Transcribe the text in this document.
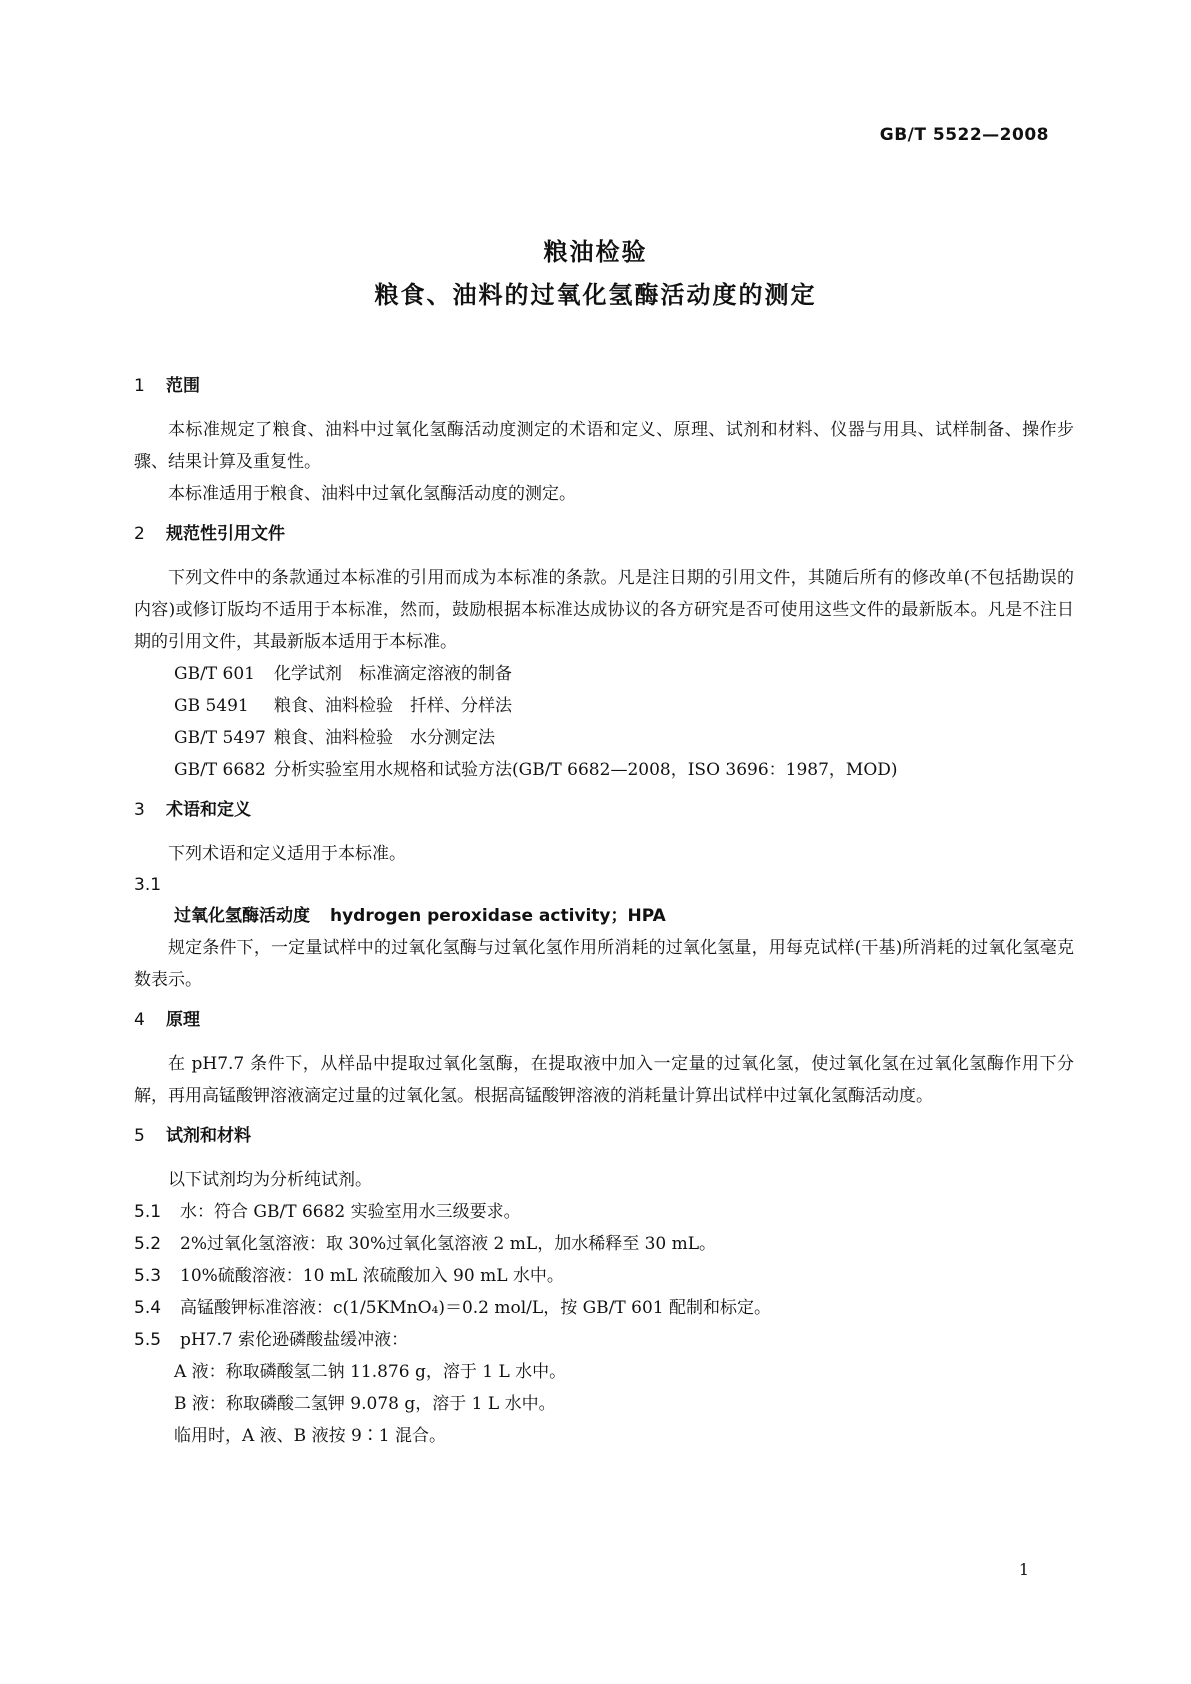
GB/T 5522—2008
粮油检验
粮食、油料的过氧化氢酶活动度的测定

1 范围

本标准规定了粮食、油料中过氧化氢酶活动度测定的术语和定义、原理、试剂和材料、仪器与用具、试样制备、操作步骤、结果计算及重复性。

本标准适用于粮食、油料中过氧化氢酶活动度的测定。

2 规范性引用文件

下列文件中的条款通过本标准的引用而成为本标准的条款。凡是注日期的引用文件，其随后所有的修改单(不包括勘误的内容)或修订版均不适用于本标准，然而，鼓励根据本标准达成协议的各方研究是否可使用这些文件的最新版本。凡是不注日期的引用文件，其最新版本适用于本标准。

GB/T 601 化学试剂　标准滴定溶液的制备

GB 5491 粮食、油料检验　扦样、分样法

GB/T 5497 粮食、油料检验　水分测定法

GB/T 6682 分析实验室用水规格和试验方法(GB/T 6682—2008，ISO 3696：1987，MOD)

3 术语和定义

下列术语和定义适用于本标准。

3.1

过氧化氢酶活动度 hydrogen peroxidase activity；HPA

规定条件下，一定量试样中的过氧化氢酶与过氧化氢作用所消耗的过氧化氢量，用每克试样(干基)所消耗的过氧化氢毫克数表示。

4 原理

在 pH7.7 条件下，从样品中提取过氧化氢酶，在提取液中加入一定量的过氧化氢，使过氧化氢在过氧化氢酶作用下分解，再用高锰酸钾溶液滴定过量的过氧化氢。根据高锰酸钾溶液的消耗量计算出试样中过氧化氢酶活动度。

5 试剂和材料

以下试剂均为分析纯试剂。

5.1 水：符合 GB/T 6682 实验室用水三级要求。

5.2 2%过氧化氢溶液：取 30%过氧化氢溶液 2 mL，加水稀释至 30 mL。

5.3 10%硫酸溶液：10 mL 浓硫酸加入 90 mL 水中。

5.4 高锰酸钾标准溶液：c(1/5KMnO₄)＝0.2 mol/L，按 GB/T 601 配制和标定。

5.5 pH7.7 索伦逊磷酸盐缓冲液：

A 液：称取磷酸氢二钠 11.876 g，溶于 1 L 水中。

B 液：称取磷酸二氢钾 9.078 g，溶于 1 L 水中。

临用时，A 液、B 液按 9∶1 混合。

1
